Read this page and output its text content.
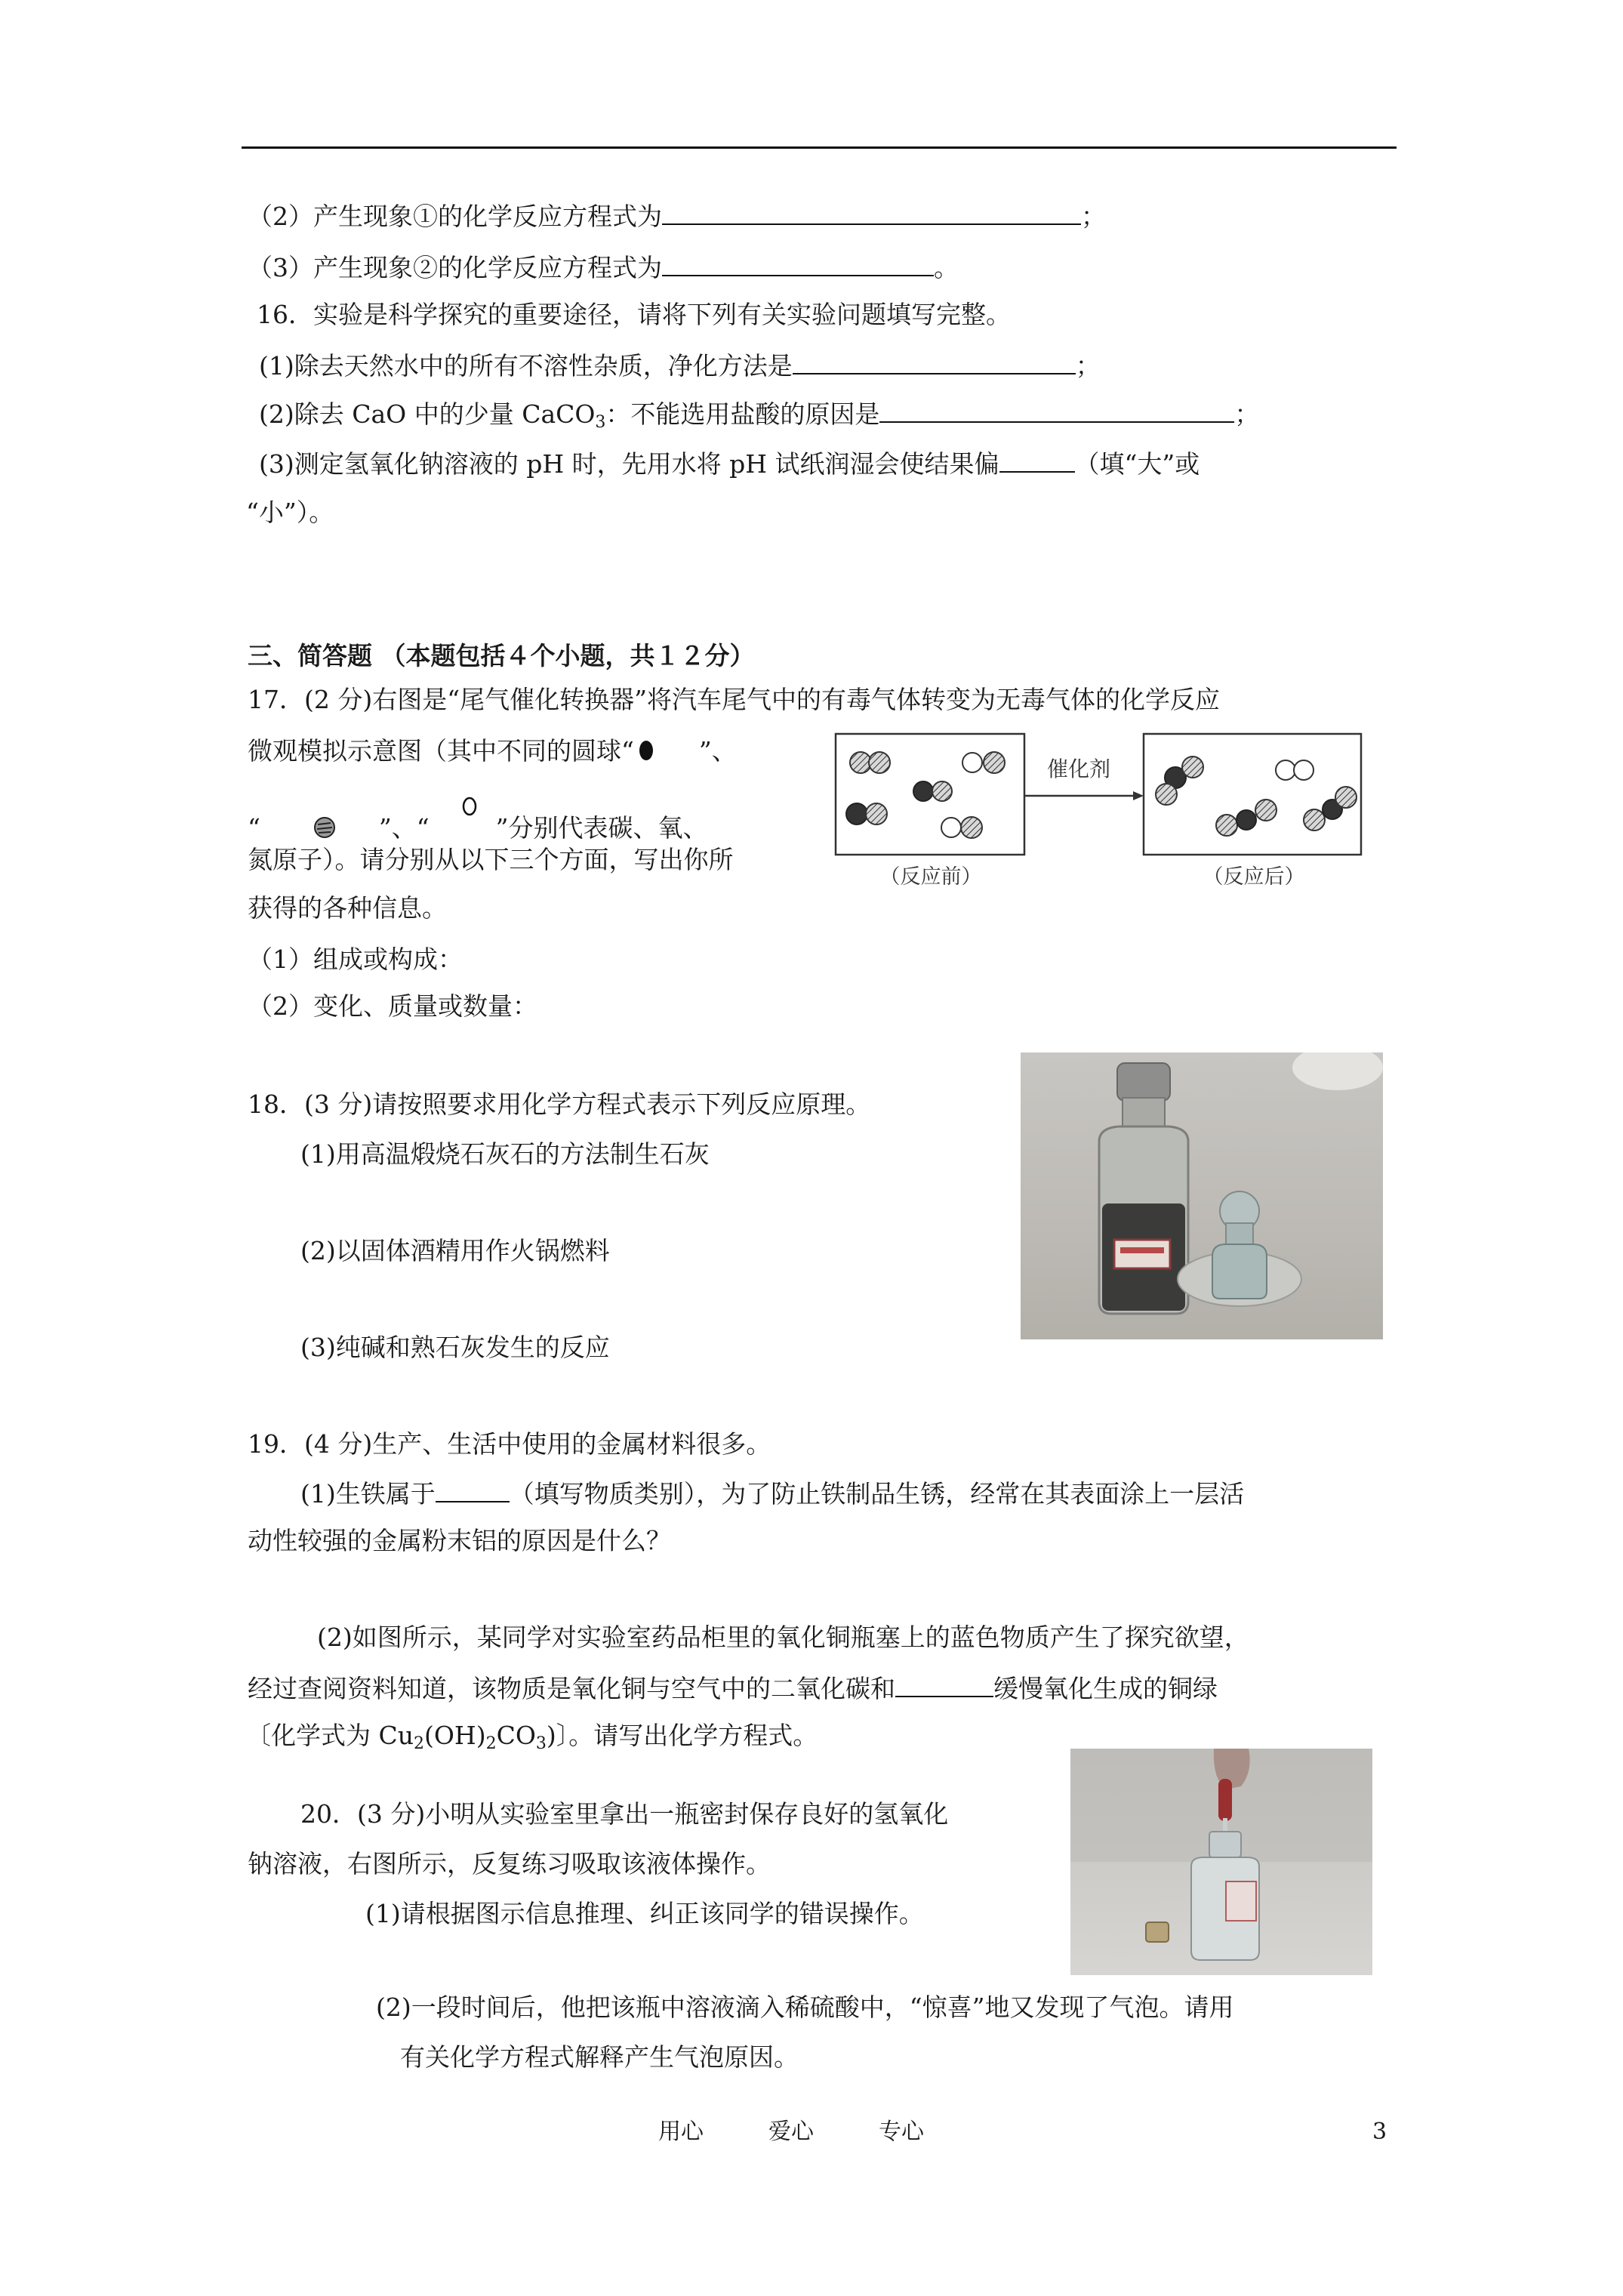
（2）产生现象①的化学反应方程式为	；
（3）产生现象②的化学反应方程式为	。
16．实验是科学探究的重要途径，请将下列有关实验问题填写完整。
(1)除去天然水中的所有不溶性杂质，净化方法是	；
(2)除去 CaO 中的少量 CaCO$_3$：不能选用盐酸的原因是	；
(3)测定氢氧化钠溶液的 pH 时，先用水将 pH 试纸润湿会使结果偏	（填“大”或
“小”）。
三、简答题 （本题包括４个小题，共１２分）
17．(2 分)右图是“尾气催化转换器”将汽车尾气中的有毒气体转变为无毒气体的化学反应
微观模拟示意图（其中不同的圆球“	”、
“	”、“	”分别代表碳、氧、
氮原子）。请分别从以下三个方面，写出你所
获得的各种信息。
（1）组成或构成：
（2）变化、质量或数量：
催化剂
（反应前）	（反应后）
18．(3 分)请按照要求用化学方程式表示下列反应原理。
(1)用高温煅烧石灰石的方法制生石灰
(2)以固体酒精用作火锅燃料
(3)纯碱和熟石灰发生的反应
19．(4 分)生产、生活中使用的金属材料很多。
(1)生铁属于	（填写物质类别），为了防止铁制品生锈，经常在其表面涂上一层活
动性较强的金属粉末铝的原因是什么？
(2)如图所示，某同学对实验室药品柜里的氧化铜瓶塞上的蓝色物质产生了探究欲望，
经过查阅资料知道，该物质是氧化铜与空气中的二氧化碳和	缓慢氧化生成的铜绿
〔化学式为 $Cu_2(OH)_2CO_3$)〕。请写出化学方程式。
20．(3 分)小明从实验室里拿出一瓶密封保存良好的氢氧化
钠溶液，右图所示，反复练习吸取该液体操作。
(1)请根据图示信息推理、纠正该同学的错误操作。
(2)一段时间后，他把该瓶中溶液滴入稀硫酸中，“惊喜”地又发现了气泡。请用
有关化学方程式解释产生气泡原因。
用心	爱心	专心	3
